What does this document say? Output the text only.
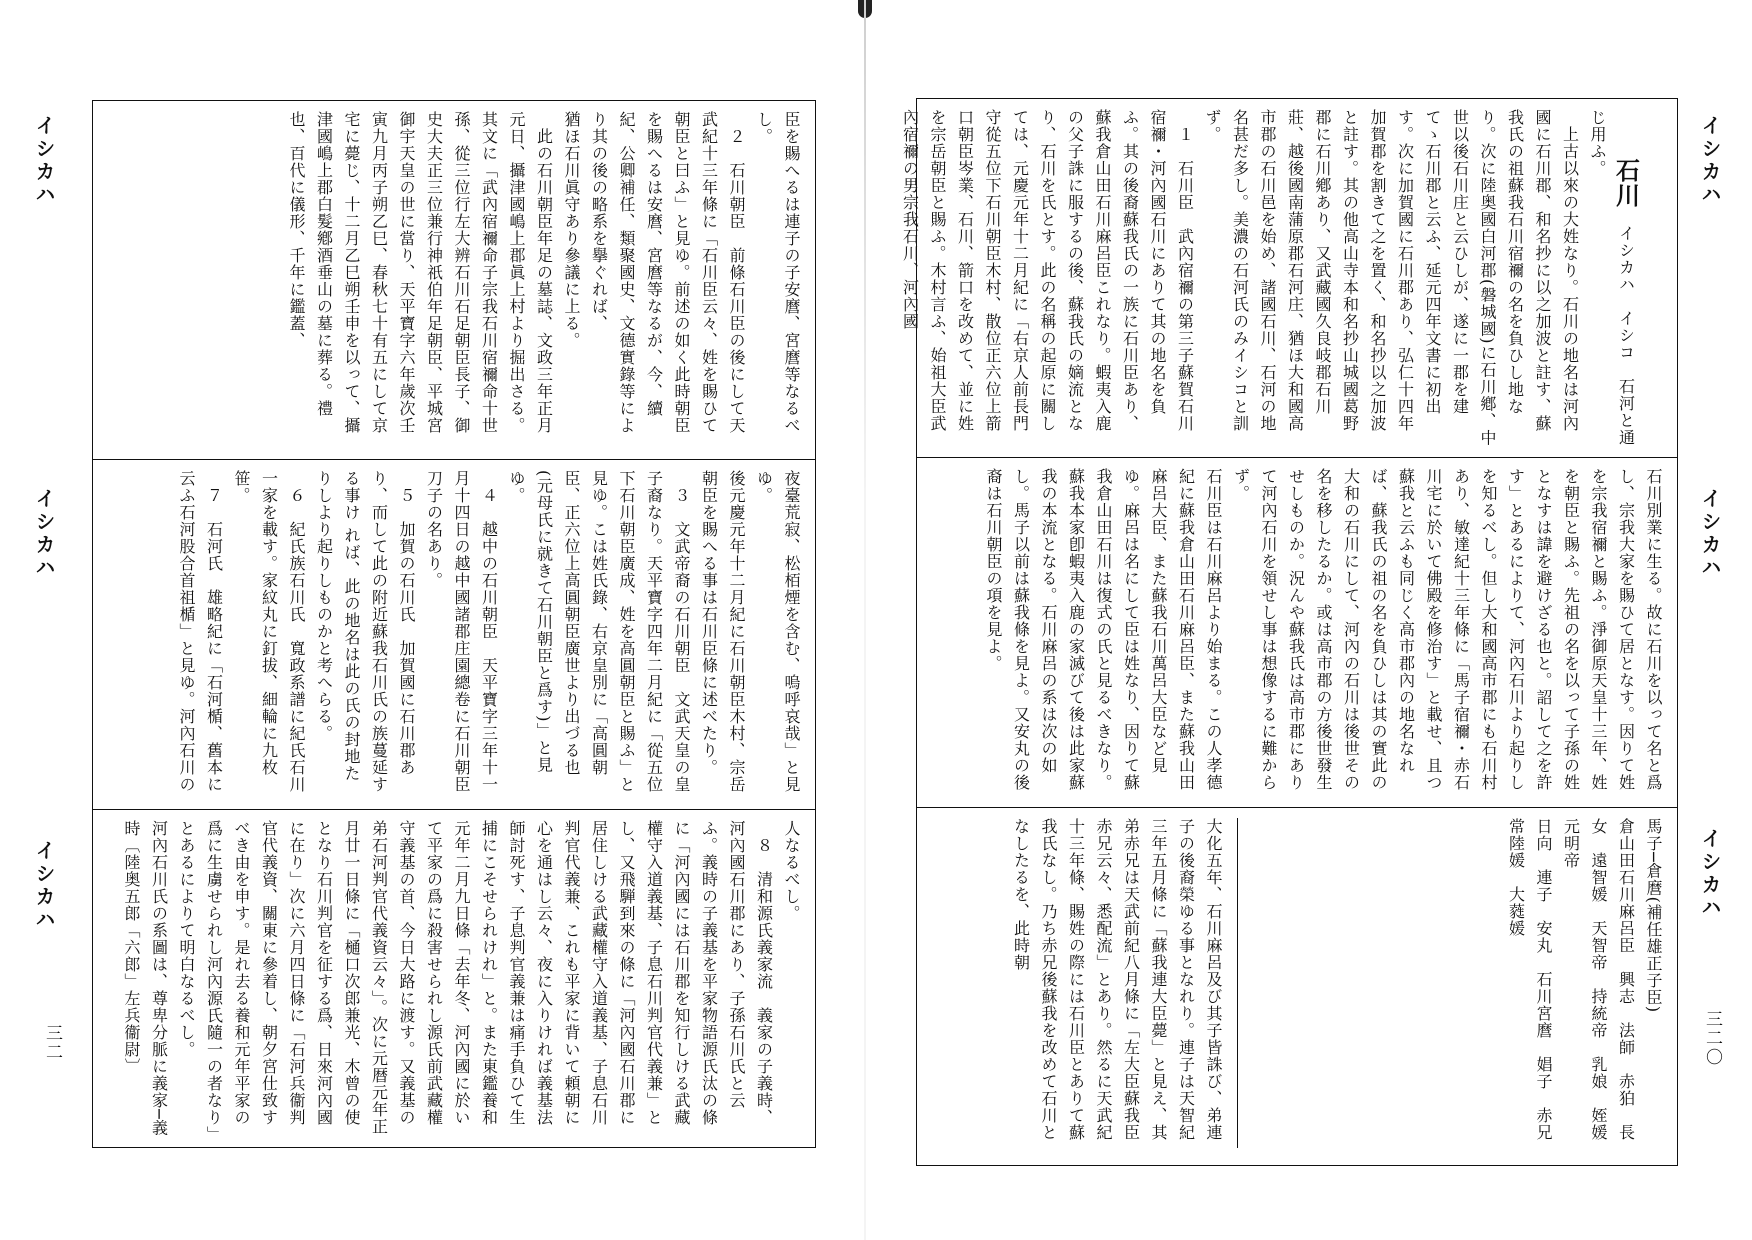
イシカハ
イシカハ
イシカハ
三二
臣を賜へるは連子の子安麿、宮麿等なるべし。
　２　石川朝臣　前條石川臣の後にして天武紀十三年條に「石川臣云々、姓を賜ひて朝臣と曰ふ」と見ゆ。前述の如く此時朝臣を賜へるは安麿、宮麿等なるが、今、續紀、公卿補任、類聚國史、文德實錄等により其の後の略系を擧ぐれば、
猶ほ石川眞守あり參議に上る。
　此の石川朝臣年足の墓誌、文政三年正月元日、攝津國嶋上郡眞上村より掘出さる。其文に「武內宿禰命子宗我石川宿禰命十世孫、從三位行左大辨石川石足朝臣長子、御史大夫正三位兼行神祇伯年足朝臣、平城宮御宇天皇の世に當り、天平寶字六年歲次壬寅九月丙子朔乙巳、春秋七十有五にして京宅に薨じ、十二月乙巳朔壬申を以って、攝津國嶋上郡白髮鄕酒垂山の墓に葬る。禮也、百代に儀形、千年に鑑蓋、
夜臺荒寂、松栢煙を含む、嗚呼哀哉」と見ゆ。
後元慶元年十二月紀に石川朝臣木村、宗岳朝臣を賜へる事は石川臣條に述べたり。
　３　文武帝裔の石川朝臣　文武天皇の皇子裔なり。天平寶字四年二月紀に「從五位下石川朝臣廣成、姓を高圓朝臣と賜ふ」と見ゆ。こは姓氏錄、右京皇別に「高圓朝臣、正六位上高圓朝臣廣世より出づる也(元母氏に就きて石川朝臣と爲す)」と見ゆ。
　４　越中の石川朝臣　天平寶字三年十一月十四日の越中國諸郡庄園總卷に石川朝臣刀子の名あり。
　５　加賀の石川氏　加賀國に石川郡あり、而して此の附近蘇我石川氏の族蔓延する事け れば、此の地名は此の氏の封地たりしより起りしものかと考へらる。
　６　紀氏族石川氏　寬政系譜に紀氏石川一家を載す。家紋丸に釘拔、細輪に九枚笹。
　７　石河氏　雄略紀に「石河楯、舊本に云ふ石河股合首祖楯」と見ゆ。河內石川の
人なるべし。
　８　清和源氏義家流　義家の子義時、河內國石川郡にあり、子孫石川氏と云ふ。義時の子義基を平家物語源氏汰の條に「河內國には石川郡を知行しける武藏權守入道義基、子息石川判官代義兼」とし、又飛騨到來の條に「河內國石川郡に居住しける武藏權守入道義基、子息石川判官代義兼、これも平家に背いて頼朝に心を通はし云々、夜に入りければ義基法師討死す、子息判官義兼は痛手負ひて生捕にこそせられけれ」と。また東鑑養和元年二月九日條「去年冬、河內國に於いて平家の爲に殺害せられし源氏前武藏權守義基の首、今日大路に渡す。又義基の弟石河判官代義資云々」。次に元暦元年正月廿一日條に「樋口次郎兼光、木曾の使となり石川判官を征する爲、日來河內國に在り」次に六月四日條に「石河兵衞判官代義資、關東に參着し、朝夕宮仕致すべき由を申す。是れ去る養和元年平家の爲に生虜せられし河內源氏隨一の者なり」とあるによりて明白なるべし。
河內石川氏の系圖は、尊卑分脈に義家─義時〔陸奥五郎「六郎」左兵衞尉〕
イシカハ
イシカハ
イシカハ
三二〇

石川　イシカハ　イシコ　石河と通じ用ふ。
　上古以來の大姓なり。石川の地名は河內國に石川郡、和名抄に以之加波と註す、蘇我氏の祖蘇我石川宿禰の名を負ひし地なり。次に陸奥國白河郡(磐城國)に石川鄕、中世以後石川庄と云ひしが、遂に一郡を建てゝ石川郡と云ふ、延元四年文書に初出す。次に加賀國に石川郡あり、弘仁十四年加賀郡を割きて之を置く、和名抄以之加波と註す。其の他高山寺本和名抄山城國葛野郡に石川鄕あり、又武藏國久良岐郡石川莊、越後國南蒲原郡石河庄、猶ほ大和國高市郡の石川邑を始め、諸國石川、石河の地名甚だ多し。美濃の石河氏のみイシコと訓ず。
　１　石川臣　武內宿禰の第三子蘇賀石川宿禰・河內國石川にありて其の地名を負ふ。其の後裔蘇我氏の一族に石川臣あり、蘇我倉山田石川麻呂臣これなり。蝦夷入鹿の父子誅に服するの後、蘇我氏の嫡流となり、石川を氏とす。此の名稱の起原に關しては、元慶元年十二月紀に「右京人前長門守從五位下石川朝臣木村、散位正六位上箭口朝臣岑業、石川、箭口を改めて、並に姓を宗岳朝臣と賜ふ。木村言ふ、始祖大臣武內宿禰の男宗我石川、河內國

石川別業に生る。故に石川を以って名と爲し、宗我大家を賜ひて居となす。因りて姓を宗我宿禰と賜ふ。淨御原天皇十三年、姓を朝臣と賜ふ。先祖の名を以って子孫の姓となすは諱を避けざる也と。詔して之を許す」とあるによりて、河內石川より起りしを知るべし。但し大和國高市郡にも石川村あり、敏達紀十三年條に「馬子宿禰・赤石川宅に於いて佛殿を修治す」と載せ、且つ蘇我と云ふも同じく高市郡內の地名なれば、蘇我氏の祖の名を負ひしは其の實此の大和の石川にして、河內の石川は後世その名を移したるか。或は高市郡の方後世發生せしものか。況んや蘇我氏は高市郡にありて河內石川を領せし事は想像するに難からず。
石川臣は石川麻呂より始まる。この人孝德紀に蘇我倉山田石川麻呂臣、また蘇我山田麻呂大臣、また蘇我石川萬呂大臣など見ゆ。麻呂は名にして臣は姓なり、因りて蘇我倉山田石川は復式の氏と見るべきなり。蘇我本家卽蝦夷入鹿の家滅びて後は此家蘇我の本流となる。石川麻呂の系は次の如し。馬子以前は蘇我條を見よ。又安丸の後裔は石川朝臣の項を見よ。
馬子─倉麿(補任雄正子臣)
倉山田石川麻呂臣　興志　法師　赤狛　長女　遠智媛　天智帝　持統帝　乳娘　姪媛　元明帝
日向　連子　安丸　石川宮麿　娼子　赤兄　常陸媛　大蕤媛
大化五年、石川麻呂及び其子皆誅び、弟連子の後裔榮ゆる事となれり。連子は天智紀三年五月條に「蘇我連大臣薨」と見え、其弟赤兄は天武前紀八月條に「左大臣蘇我臣赤兄云々、悉配流」とあり。然るに天武紀十三年條、賜姓の際には石川臣とありて蘇我氏なし。乃ち赤兄後蘇我を改めて石川となしたるを、此時朝
